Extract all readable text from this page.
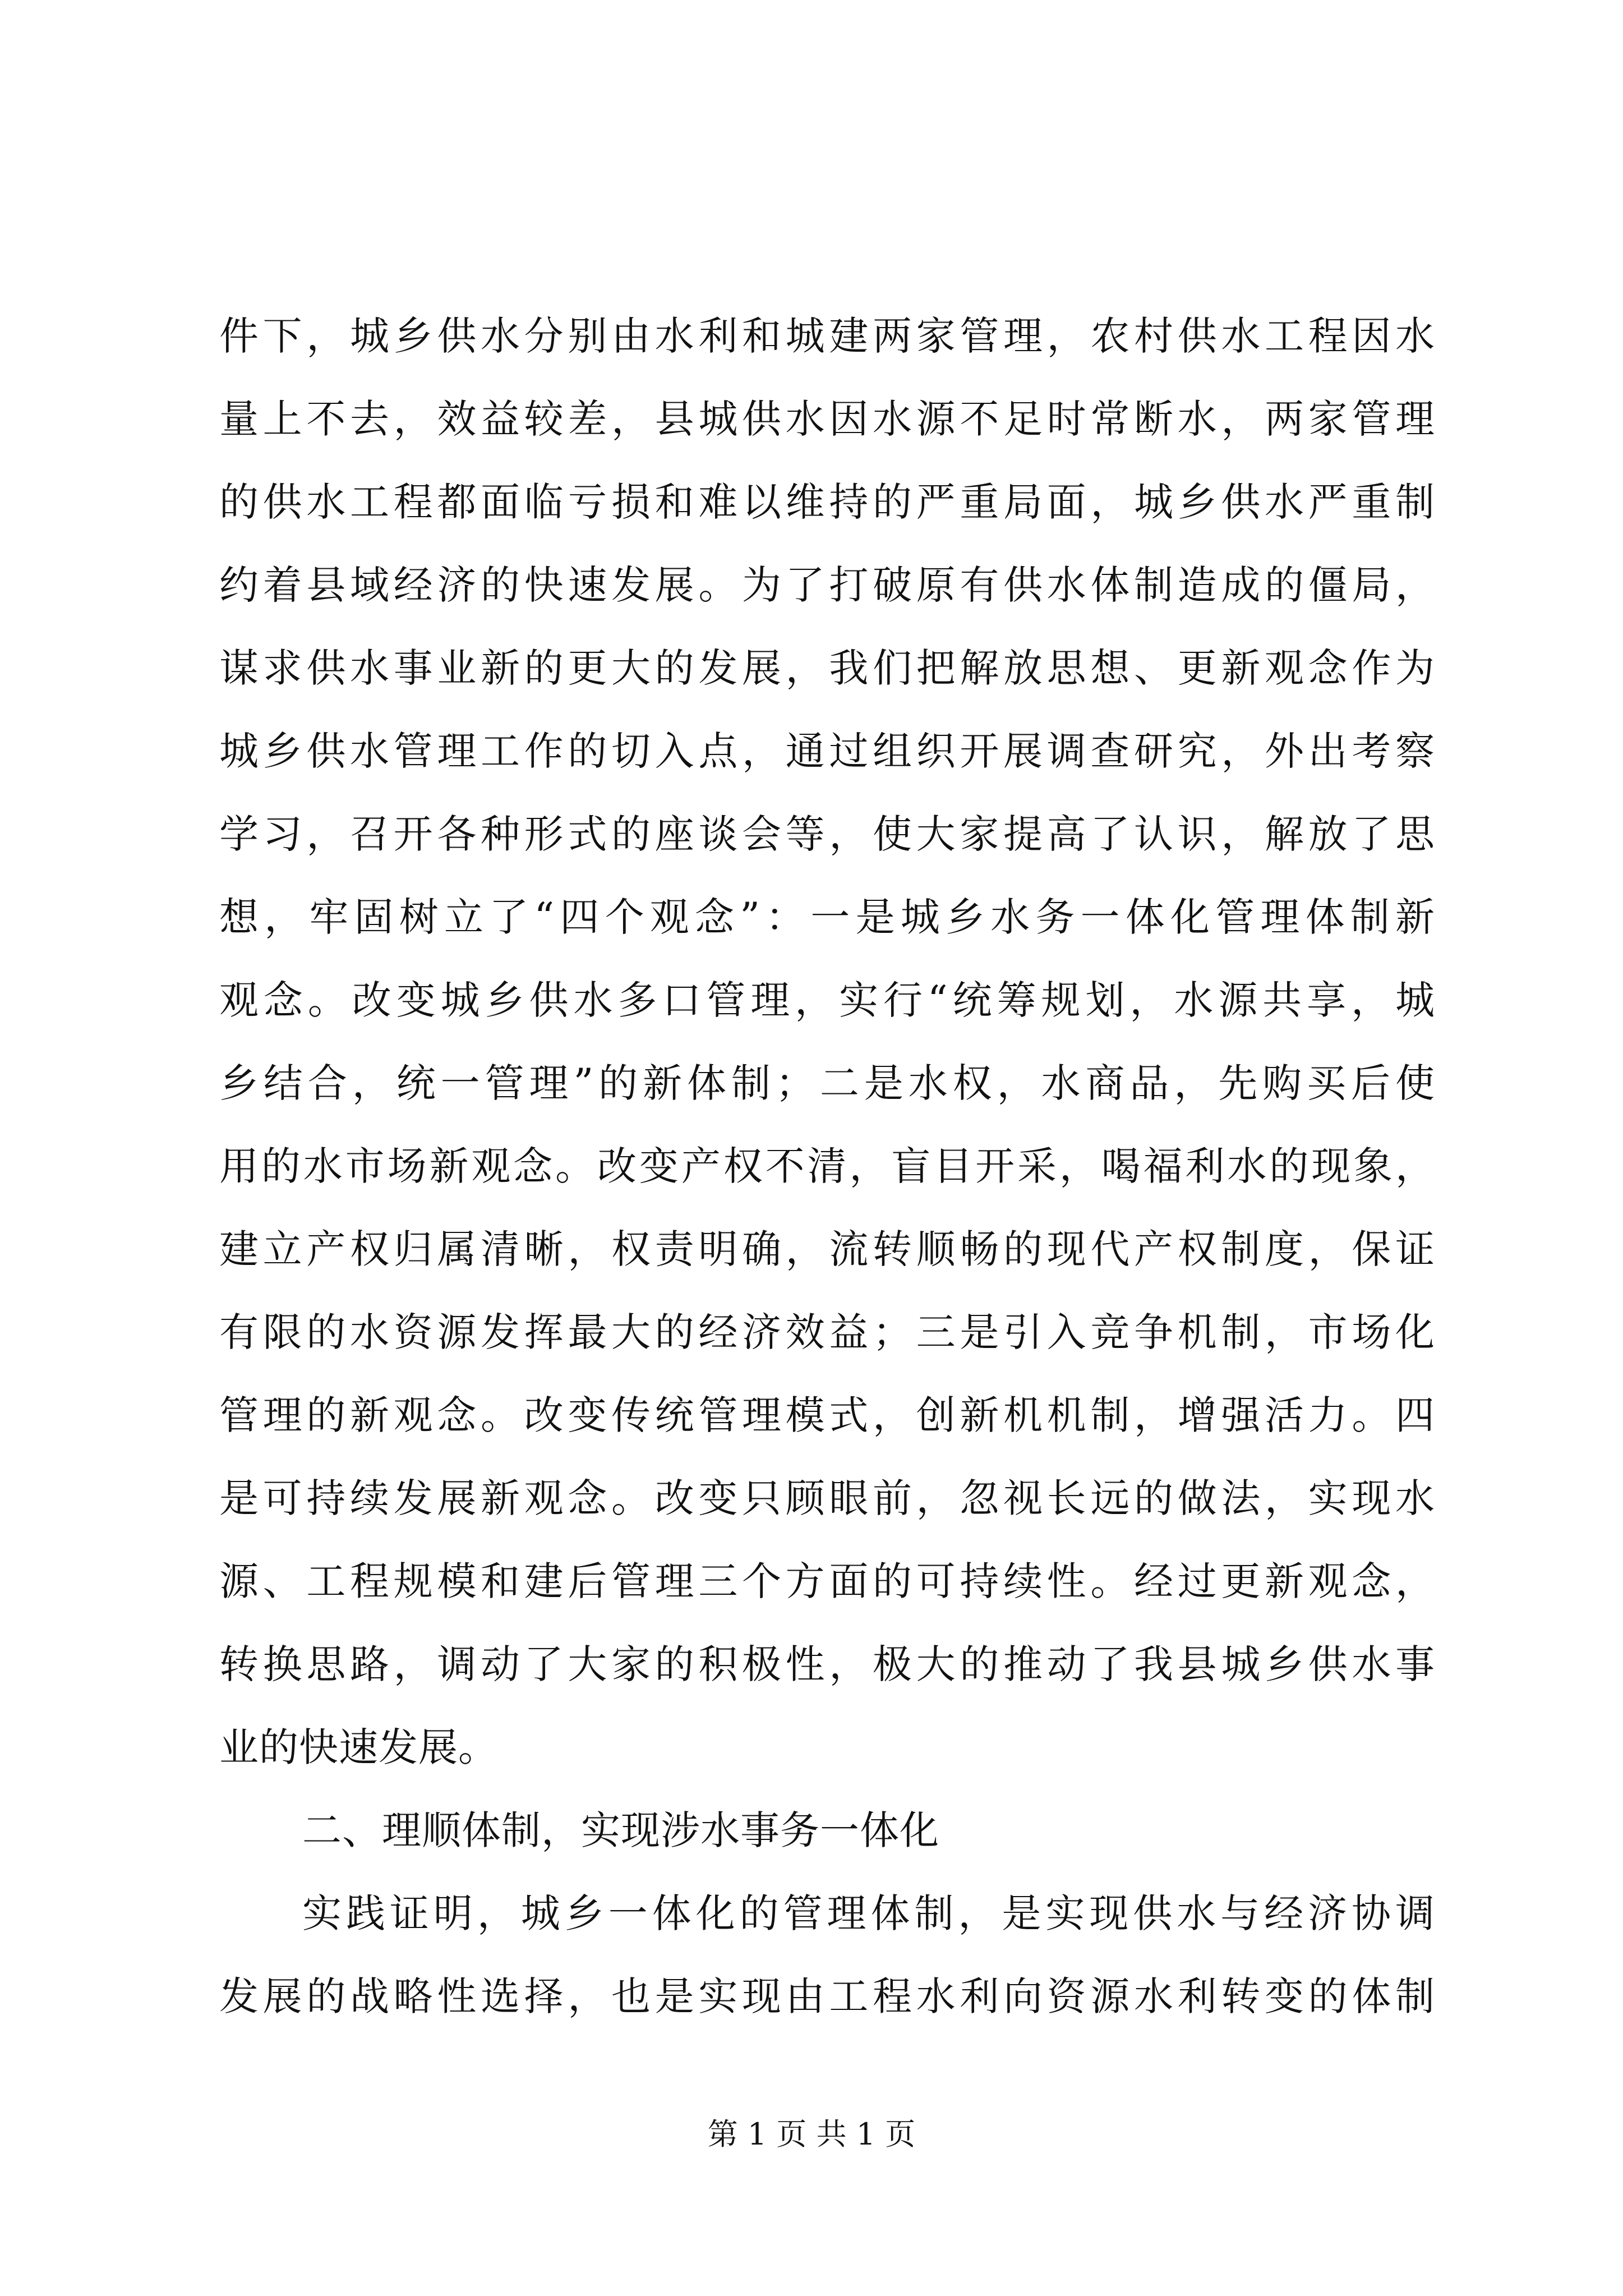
件下，城乡供水分别由水利和城建两家管理，农村供水工程因水
量上不去，效益较差，县城供水因水源不足时常断水，两家管理
的供水工程都面临亏损和难以维持的严重局面，城乡供水严重制
约着县域经济的快速发展。为了打破原有供水体制造成的僵局，
谋求供水事业新的更大的发展，我们把解放思想、更新观念作为
城乡供水管理工作的切入点，通过组织开展调查研究，外出考察
学习，召开各种形式的座谈会等，使大家提高了认识，解放了思
想，牢固树立了“四个观念”：一是城乡水务一体化管理体制新
观念。改变城乡供水多口管理，实行“统筹规划，水源共享，城
乡结合，统一管理”的新体制；二是水权，水商品，先购买后使
用的水市场新观念。改变产权不清，盲目开采，喝福利水的现象，
建立产权归属清晰，权责明确，流转顺畅的现代产权制度，保证
有限的水资源发挥最大的经济效益；三是引入竞争机制，市场化
管理的新观念。改变传统管理模式，创新机机制，增强活力。四
是可持续发展新观念。改变只顾眼前，忽视长远的做法，实现水
源、工程规模和建后管理三个方面的可持续性。经过更新观念，
转换思路，调动了大家的积极性，极大的推动了我县城乡供水事
业的快速发展。
二、理顺体制，实现涉水事务一体化
实践证明，城乡一体化的管理体制，是实现供水与经济协调
发展的战略性选择，也是实现由工程水利向资源水利转变的体制
第 1 页 共 1 页
